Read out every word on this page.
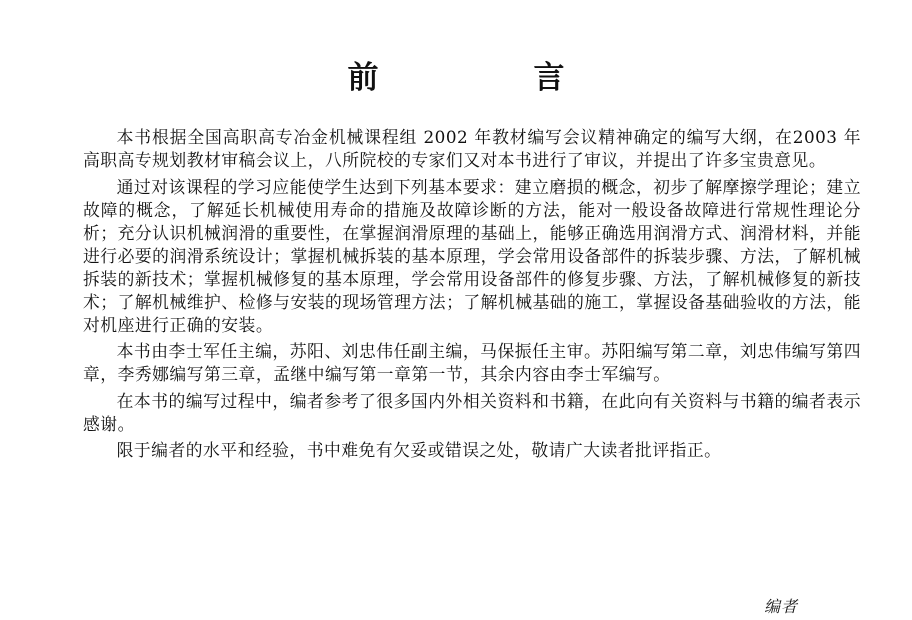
前　言

本书根据全国高职高专冶金机械课程组 2002 年教材编写会议精神确定的编写大纲，在2003 年高职高专规划教材审稿会议上，八所院校的专家们又对本书进行了审议，并提出了许多宝贵意见。

通过对该课程的学习应能使学生达到下列基本要求：建立磨损的概念，初步了解摩擦学理论；建立故障的概念，了解延长机械使用寿命的措施及故障诊断的方法，能对一般设备故障进行常规性理论分析；充分认识机械润滑的重要性，在掌握润滑原理的基础上，能够正确选用润滑方式、润滑材料，并能进行必要的润滑系统设计；掌握机械拆装的基本原理，学会常用设备部件的拆装步骤、方法，了解机械拆装的新技术；掌握机械修复的基本原理，学会常用设备部件的修复步骤、方法，了解机械修复的新技术；了解机械维护、检修与安装的现场管理方法；了解机械基础的施工，掌握设备基础验收的方法，能对机座进行正确的安装。

本书由李士军任主编，苏阳、刘忠伟任副主编，马保振任主审。苏阳编写第二章，刘忠伟编写第四章，李秀娜编写第三章，孟继中编写第一章第一节，其余内容由李士军编写。

在本书的编写过程中，编者参考了很多国内外相关资料和书籍，在此向有关资料与书籍的编者表示感谢。

限于编者的水平和经验，书中难免有欠妥或错误之处，敬请广大读者批评指正。

编者
